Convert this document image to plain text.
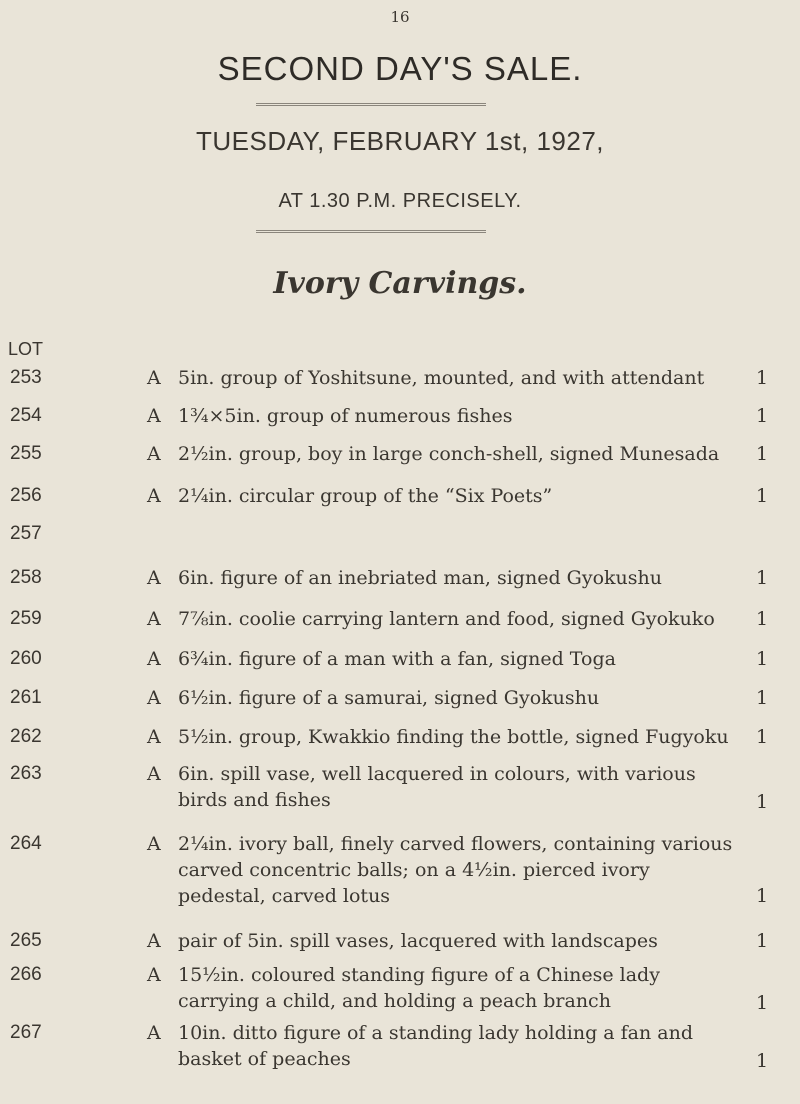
16
SECOND DAY'S SALE.
TUESDAY, FEBRUARY 1st, 1927,
AT 1.30 P.M. PRECISELY.
Ivory Carvings.
LOT
253	A 5in. group of Yoshitsune, mounted, and with attendant	1
254	A 1¾×5in. group of numerous fishes	1
255	A 2½in. group, boy in large conch-shell, signed Munesada	1
256	A 2¼in. circular group of the “Six Poets”	1
257
258	A 6in. figure of an inebriated man, signed Gyokushu	1
259	A 7⅞in. coolie carrying lantern and food, signed Gyokuko	1
260	A 6¾in. figure of a man with a fan, signed Toga	1
261	A 6½in. figure of a samurai, signed Gyokushu	1
262	A 5½in. group, Kwakkio finding the bottle, signed Fugyoku	1
263	A 6in. spill vase, well lacquered in colours, with various birds and fishes	1
264	A 2¼in. ivory ball, finely carved flowers, containing various carved concentric balls; on a 4½in. pierced ivory pedestal, carved lotus	1
265	A pair of 5in. spill vases, lacquered with landscapes	1
266	A 15½in. coloured standing figure of a Chinese lady carrying a child, and holding a peach branch	1
267	A 10in. ditto figure of a standing lady holding a fan and basket of peaches	1
